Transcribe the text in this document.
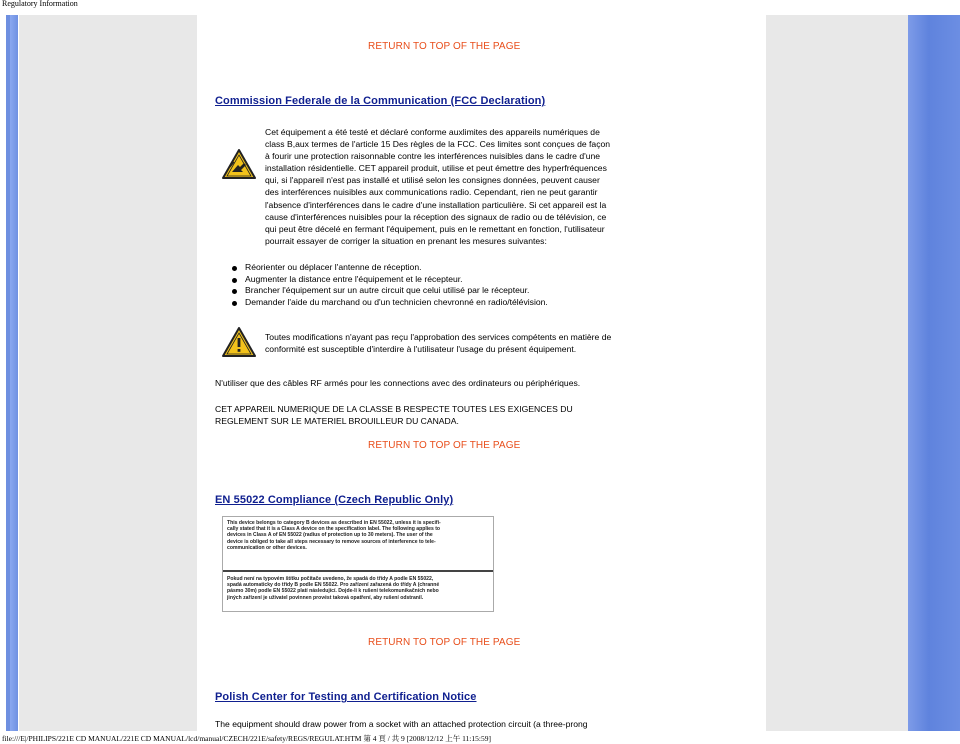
Regulatory Information
RETURN TO TOP OF THE PAGE
Commission Federale de la Communication (FCC Declaration)
Cet équipement a été testé et déclaré conforme auxlimites des appareils numériques de
class B,aux termes de l'article 15 Des règles de la FCC. Ces limites sont conçues de façon
à fourir une protection raisonnable contre les interférences nuisibles dans le cadre d'une
installation résidentielle. CET appareil produit, utilise et peut émettre des hyperfréquences
qui, si l'appareil n'est pas installé et utilisé selon les consignes données, peuvent causer
des interférences nuisibles aux communications radio. Cependant, rien ne peut garantir
l'absence d'interférences dans le cadre d'une installation particulière. Si cet appareil est la
cause d'interférences nuisibles pour la réception des signaux de radio ou de télévision, ce
qui peut être décelé en fermant l'équipement, puis en le remettant en fonction, l'utilisateur
pourrait essayer de corriger la situation en prenant les mesures suivantes:
Réorienter ou déplacer l'antenne de réception.
Augmenter la distance entre l'équipement et le récepteur.
Brancher l'équipement sur un autre circuit que celui utilisé par le récepteur.
Demander l'aide du marchand ou d'un technicien chevronné en radio/télévision.
Toutes modifications n'ayant pas reçu l'approbation des services compétents en matière de
conformité est susceptible d'interdire à l'utilisateur l'usage du présent équipement.
N'utiliser que des câbles RF armés pour les connections avec des ordinateurs ou périphériques.
CET APPAREIL NUMERIQUE DE LA CLASSE B RESPECTE TOUTES LES EXIGENCES DU
REGLEMENT SUR LE MATERIEL BROUILLEUR DU CANADA.
RETURN TO TOP OF THE PAGE
EN 55022 Compliance (Czech Republic Only)
This device belongs to category B devices as described in EN 55022, unless it is specifi-
cally stated that it is a Class A device on the specification label. The following applies to
devices in Class A of EN 55022 (radius of protection up to 30 meters). The user of the
device is obliged to take all steps necessary to remove sources of interference to tele-
communication or other devices.
Pokud není na typovém štítku počítače uvedeno, že spadá do třídy A podle EN 55022,
spadá automaticky do třídy B podle EN 55022. Pro zařízení zařazená do třídy A (chranné
pásmo 30m) podle EN 55022 platí následující. Dojde-li k rušení telekomunikačních nebo
jiných zařízení je uživatel povinnen provést taková opatření, aby rušení odstranil.
RETURN TO TOP OF THE PAGE
Polish Center for Testing and Certification Notice
The equipment should draw power from a socket with an attached protection circuit (a three-prong
file:///E|/PHILIPS/221E CD MANUAL/221E CD MANUAL/lcd/manual/CZECH/221E/safety/REGS/REGULAT.HTM 第 4 頁 / 共 9 [2008/12/12 上午 11:15:59]
